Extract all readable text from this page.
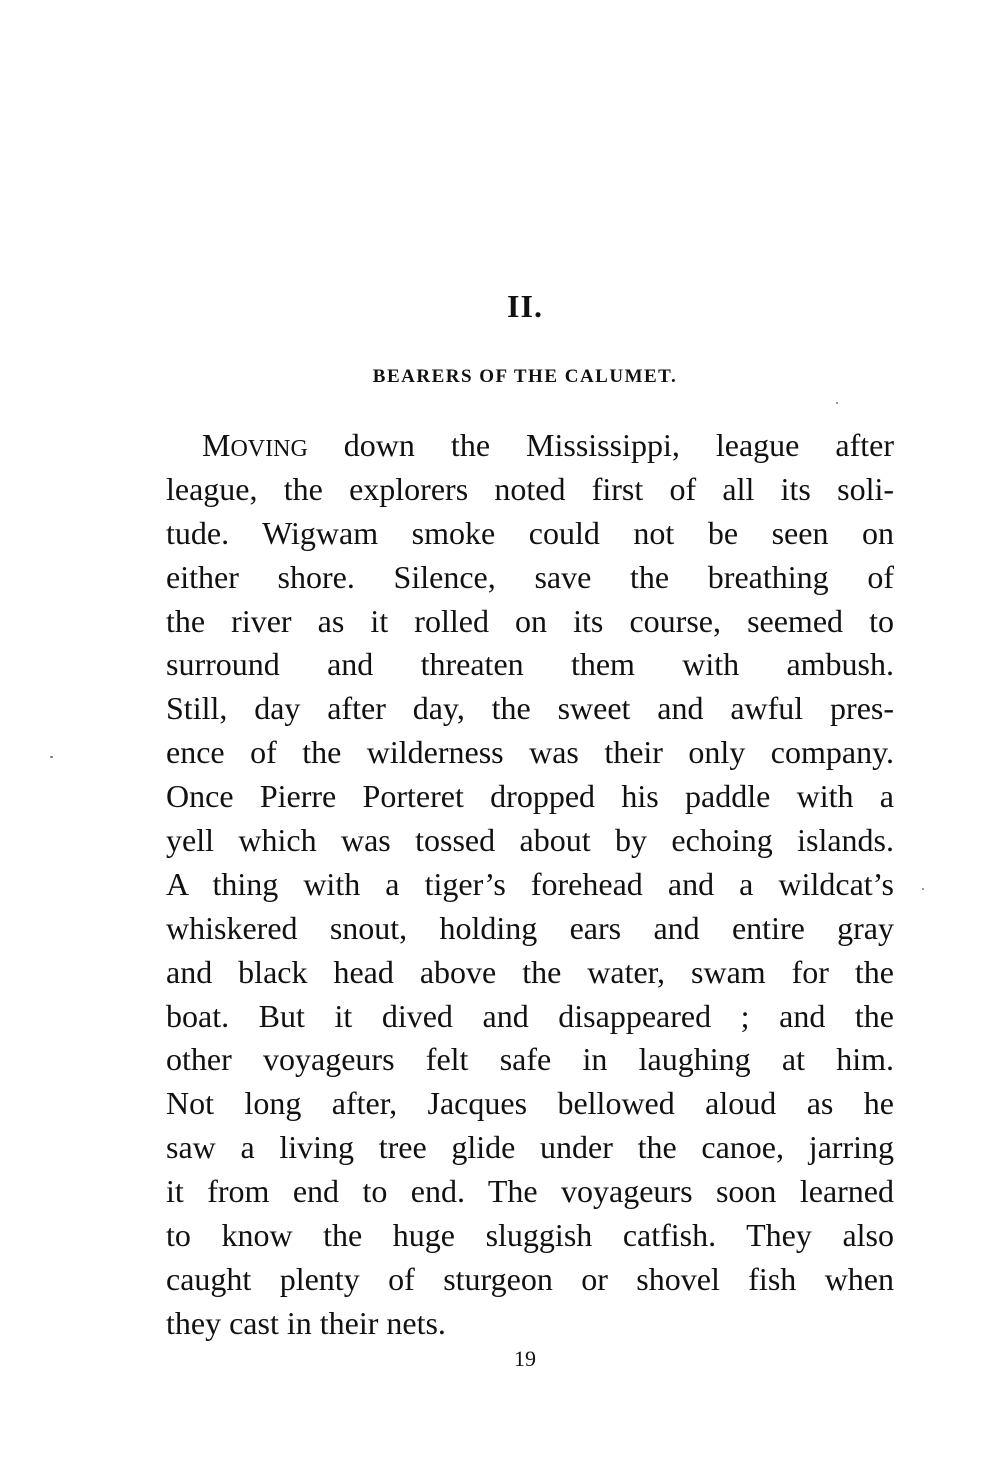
II.
BEARERS OF THE CALUMET.
MOVING down the Mississippi, league after
league, the explorers noted first of all its soli-
tude. Wigwam smoke could not be seen on
either shore. Silence, save the breathing of
the river as it rolled on its course, seemed to
surround and threaten them with ambush.
Still, day after day, the sweet and awful pres-
ence of the wilderness was their only company.
Once Pierre Porteret dropped his paddle with a
yell which was tossed about by echoing islands.
A thing with a tiger’s forehead and a wildcat’s
whiskered snout, holding ears and entire gray
and black head above the water, swam for the
boat. But it dived and disappeared ; and the
other voyageurs felt safe in laughing at him.
Not long after, Jacques bellowed aloud as he
saw a living tree glide under the canoe, jarring
it from end to end. The voyageurs soon learned
to know the huge sluggish catfish. They also
caught plenty of sturgeon or shovel fish when
they cast in their nets.
19
